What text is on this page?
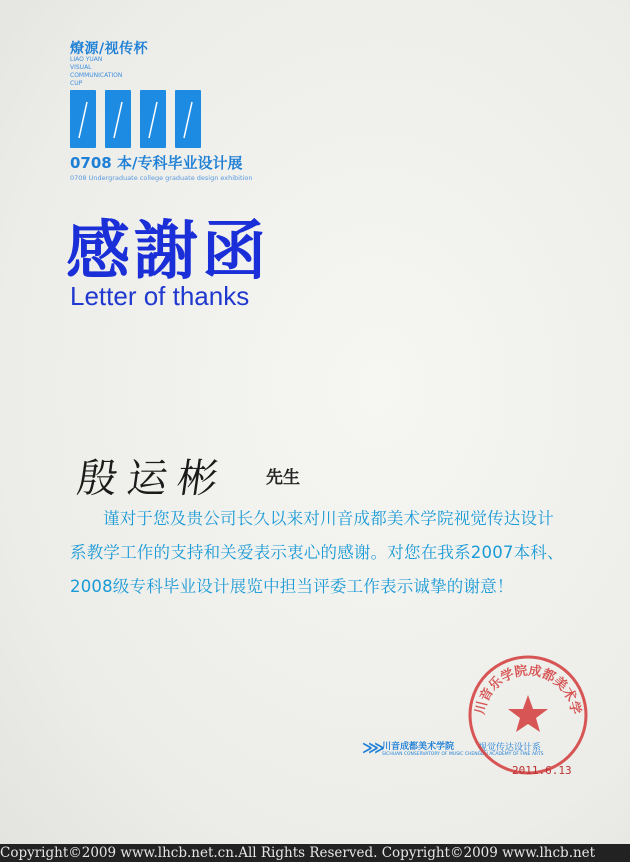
燎源/视传杯
LIAO YUAN
VISUAL
COMMUNICATION
CUP
0708 本/专科毕业设计展
0708 Undergraduate college graduate design exhibition
感謝函
Letter of thanks
殷运彬 先生
谨对于您及贵公司长久以来对川音成都美术学院视觉传达设计系教学工作的支持和关爱表示衷心的感谢。对您在我系2007本科、2008级专科毕业设计展览中担当评委工作表示诚挚的谢意！
⋙
川音成都美术学院
SICHUAN CONSERVATORY OF MUSIC CHENGDU ACADEMY OF FINE ARTS
视觉传达设计系
川音乐学院成都美术学
2011.6.13
Copyright©2009 www.lhcb.net.cn.All Rights Reserved. Copyright©2009 www.lhcb.net
